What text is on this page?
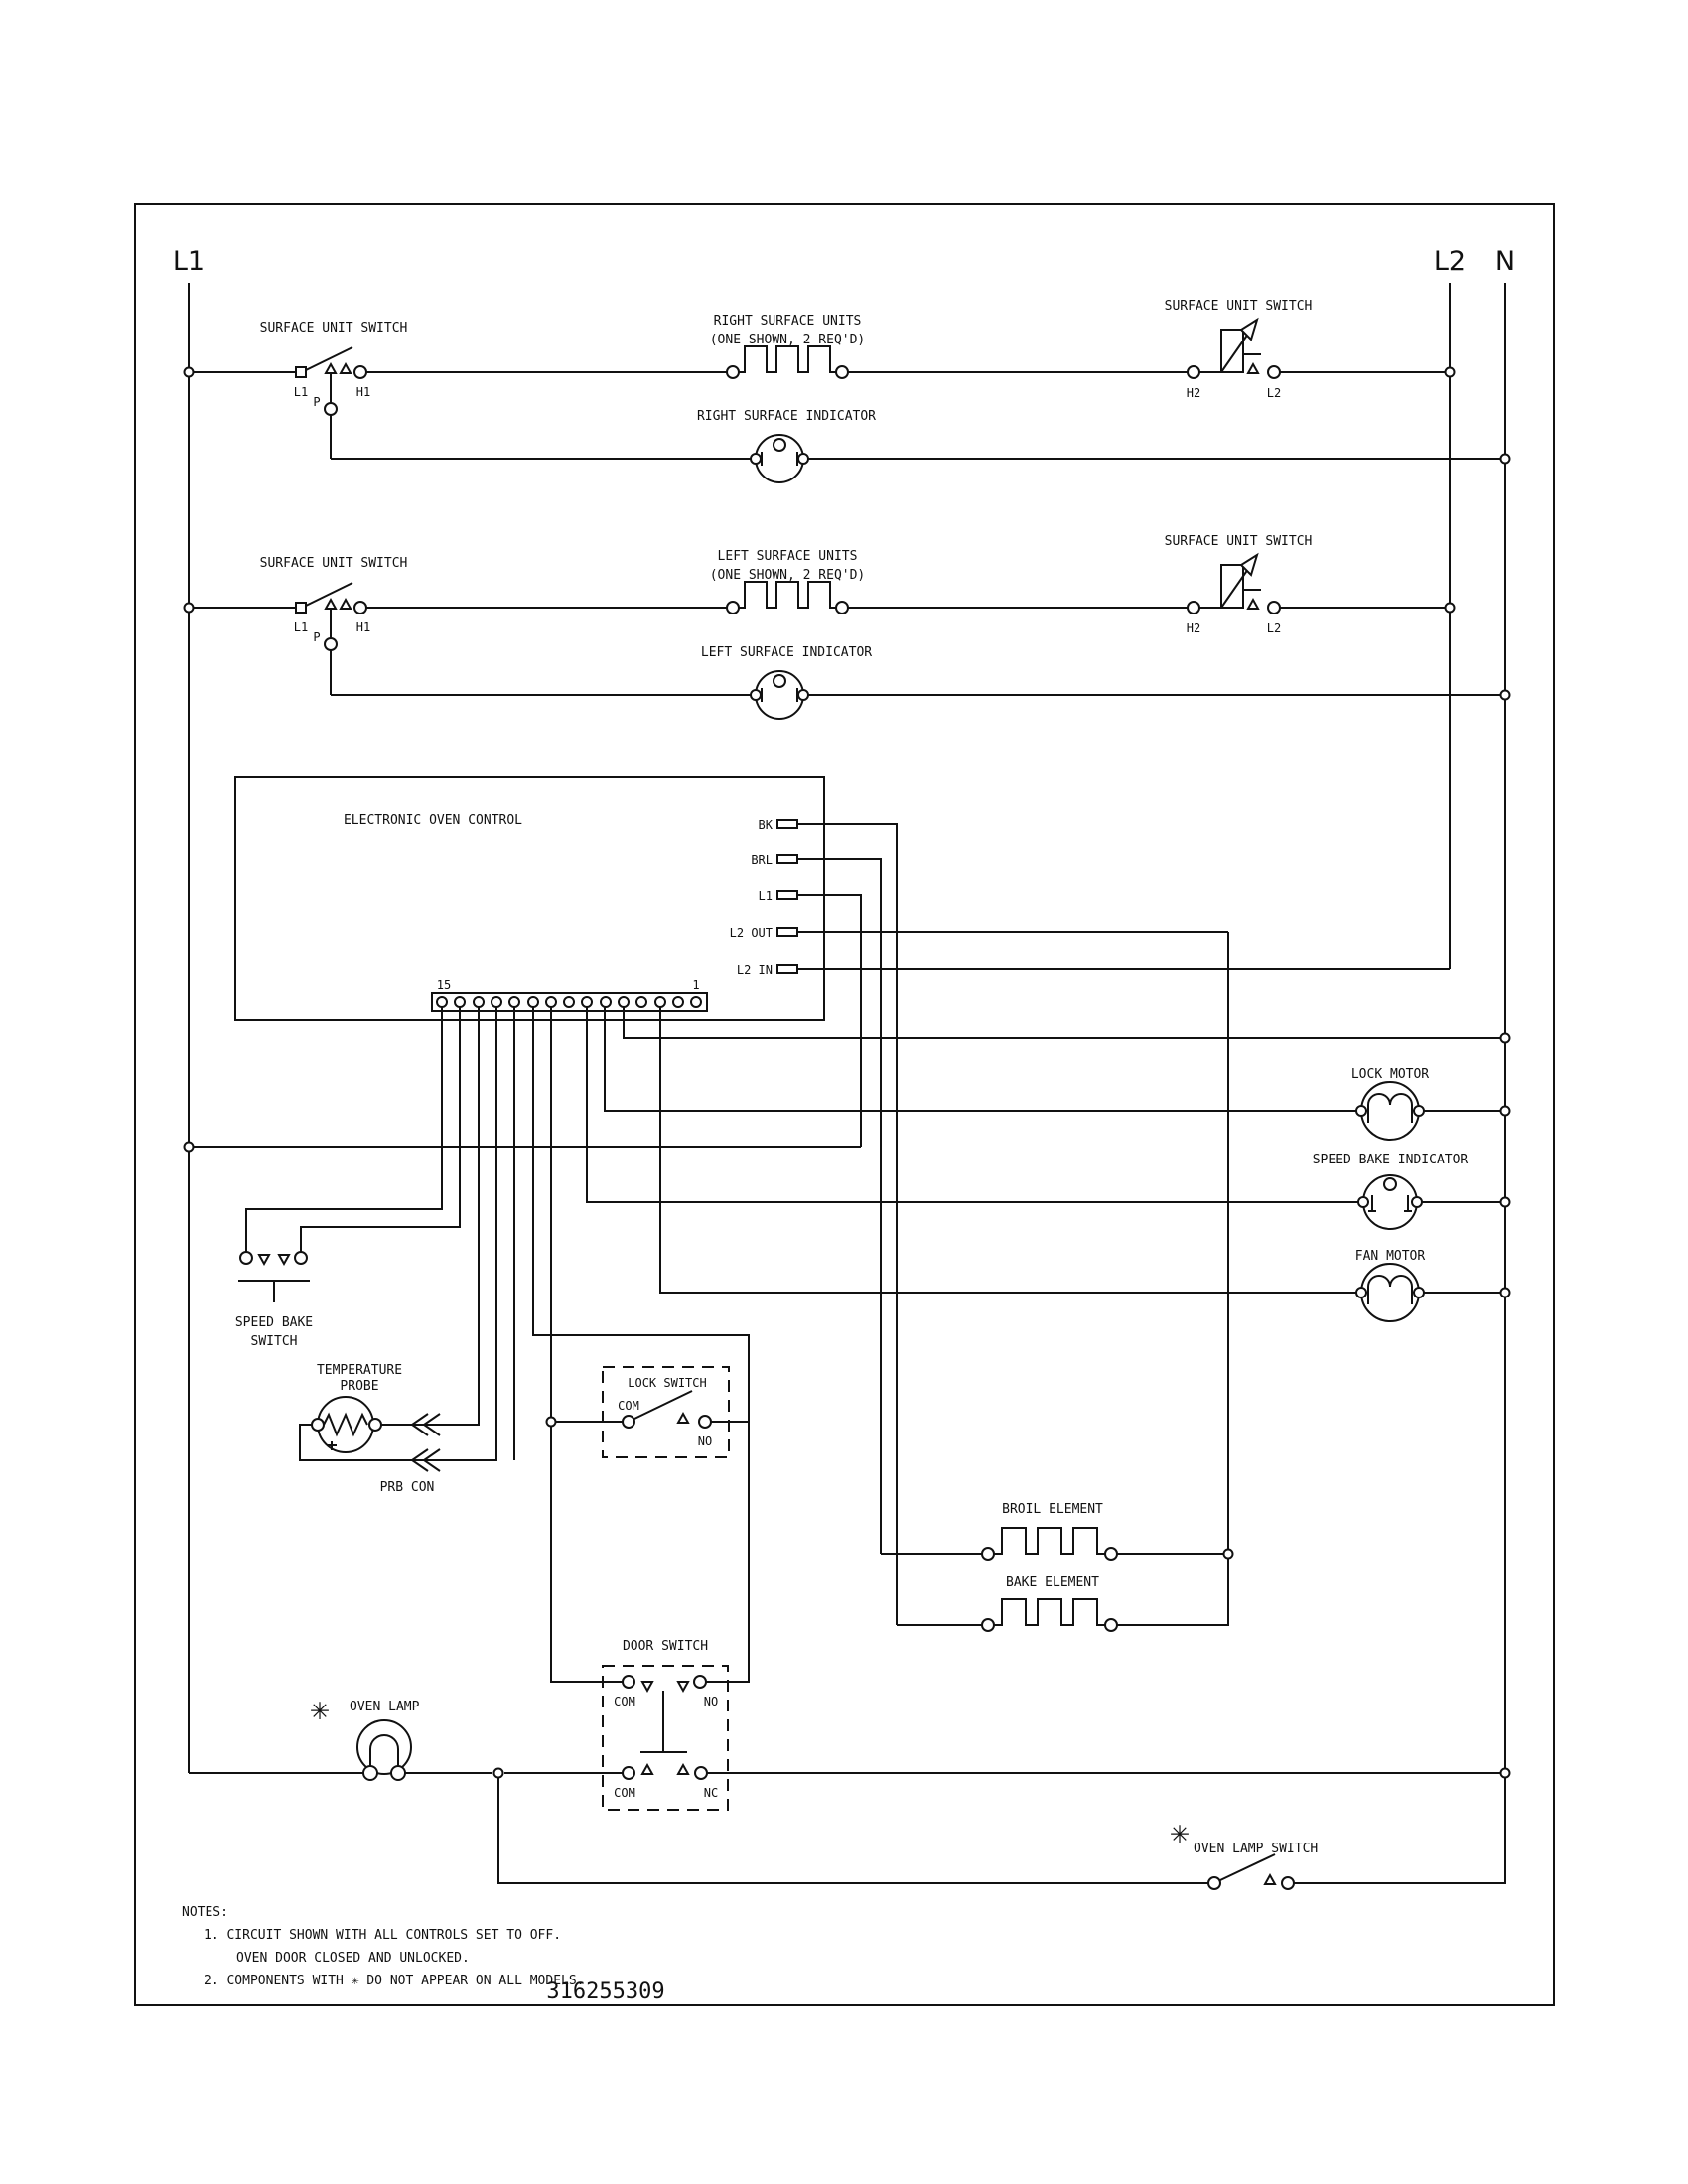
L1	L2 N
SURFACE UNIT SWITCH
L1
P
H1
RIGHT SURFACE UNITS
(ONE SHOWN, 2 REQ'D)
SURFACE UNIT SWITCH
H2	L2
RIGHT SURFACE INDICATOR
SURFACE UNIT SWITCH
L1
P
H1
LEFT SURFACE UNITS
(ONE SHOWN, 2 REQ'D)
SURFACE UNIT SWITCH
H2	L2
LEFT SURFACE INDICATOR
ELECTRONIC OVEN CONTROL	BK
BRL
L1
L2 OUT
L2 IN
15	1
SPEED BAKE
SWITCH
TEMPERATURE
PROBE
PRB CON
LOCK SWITCH
COM
NO
DOOR SWITCH
COM	NO
COM	NC
✳ OVEN LAMP
✳ OVEN LAMP SWITCH
LOCK MOTOR
SPEED BAKE INDICATOR
FAN MOTOR
BROIL ELEMENT
BAKE ELEMENT
NOTES:
1. CIRCUIT SHOWN WITH ALL CONTROLS SET TO OFF.
OVEN DOOR CLOSED AND UNLOCKED.
2. COMPONENTS WITH ✳ DO NOT APPEAR ON ALL MODELS.
316255309
